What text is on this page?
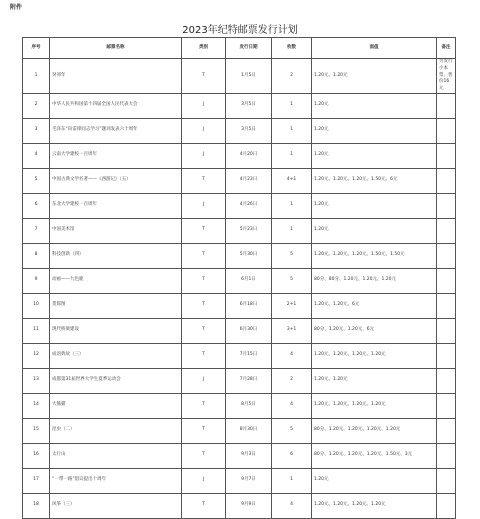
附件
2023年纪特邮票发行计划
序号	邮票名称	类别	发行日期	枚数	面值	备注
1	癸卯年	T	1月5日	2	1.20元、1.20元	另发行小本票，售价16元
2	中华人民共和国第十四届全国人民代表大会	J	3月5日	1	1.20元	
3	毛泽东“向雷锋同志学习”题词发表六十周年	J	3月5日	1	1.20元	
4	云南大学建校一百周年	J	4月20日	1	1.20元	
5	中国古典文学名著——《西游记》（五）	T	4月23日	4+1	1.20元、1.20元、1.20元、1.50元、6元	
6	东北大学建校一百周年	J	4月26日	1	1.20元	
7	中国美术馆	T	5月23日	1	1.20元	
8	科技创新（四）	T	5月30日	5	1.20元、1.20元、1.20元、1.50元、1.50元	
9	动画——九色鹿	T	6月1日	5	80分、80分、1.20元、1.20元、1.20元	
10	货郎图	T	6月18日	2+1	1.20元、1.20元、6元	
11	现代桥梁建设	T	6月30日	3+1	80分、1.20元、1.20元、6元	
12	成语典故（三）	T	7月15日	4	1.20元、1.20元、1.20元、1.20元	
13	成都第31届世界大学生夏季运动会	J	7月28日	2	1.20元、1.20元	
14	大熊猫	T	8月5日	4	1.20元、1.20元、1.20元、1.20元	
15	昆虫（二）	T	8月30日	5	80分、1.20元、1.20元、1.20元、1.20元	
16	太行山	T	9月3日	6	80分、1.20元、1.20元、1.20元、1.50元、3元	
17	“一带一路”倡议提出十周年	J	9月7日	1	1.20元	
18	风筝（三）	T	9月9日	4	1.20元、1.20元、1.20元、1.20元	
